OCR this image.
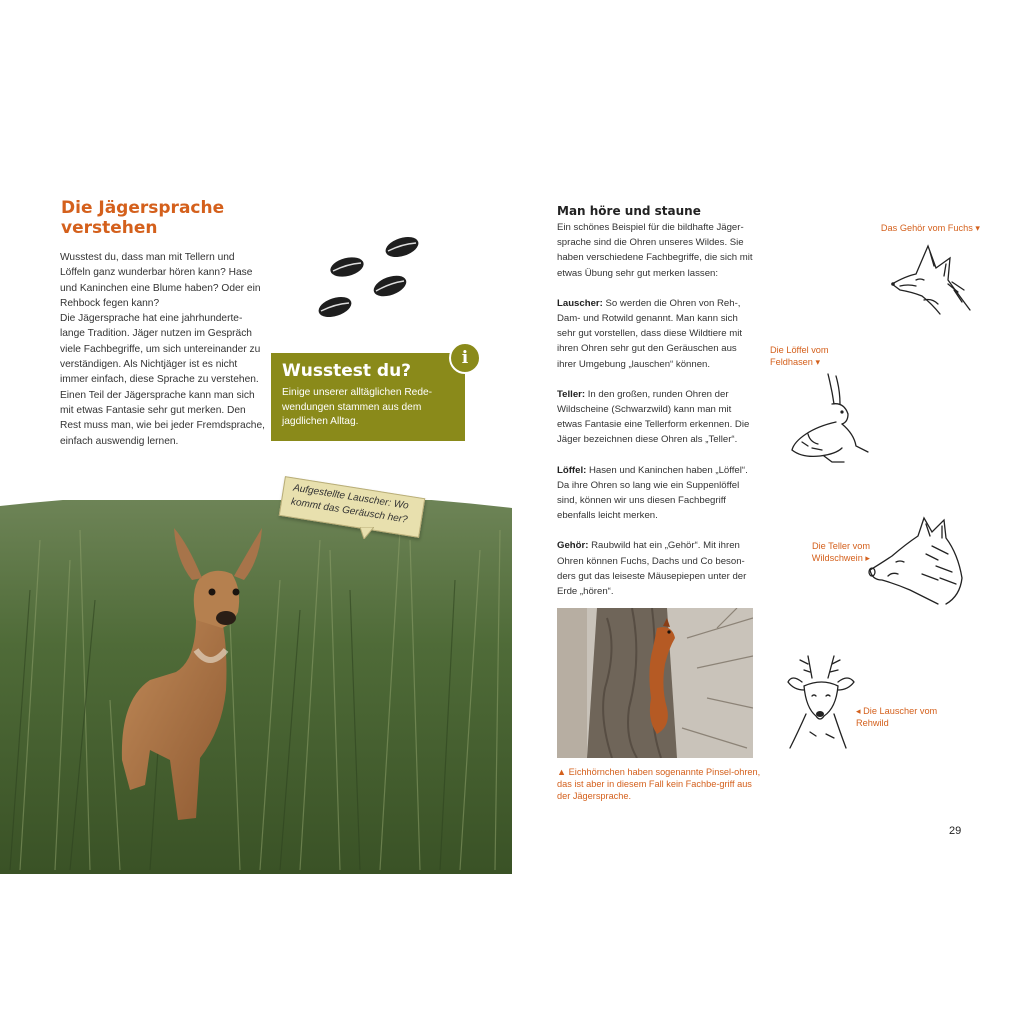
Die Jägersprache verstehen

Wusstest du, dass man mit Tellern und Löffeln ganz wunderbar hören kann? Hase und Kaninchen eine Blume haben? Oder ein Rehbock fegen kann?

Die Jägersprache hat eine jahrhunderte-lange Tradition. Jäger nutzen im Gespräch viele Fachbegriffe, um sich untereinander zu verständigen. Als Nichtjäger ist es nicht immer einfach, diese Sprache zu verstehen. Einen Teil der Jägersprache kann man sich mit etwas Fantasie sehr gut merken. Den Rest muss man, wie bei jeder Fremdsprache, einfach auswendig lernen.

Wusstest du?
Einige unserer alltäglichen Rede-wendungen stammen aus dem jagdlichen Alltag.
i
Aufgestellte Lauscher: Wo kommt das Geräusch her?
Man höre und staune

Ein schönes Beispiel für die bildhafte Jäger-sprache sind die Ohren unseres Wildes. Sie haben verschiedene Fachbegriffe, die sich mit etwas Übung sehr gut merken lassen:

Lauscher: So werden die Ohren von Reh-, Dam- und Rotwild genannt. Man kann sich sehr gut vorstellen, dass diese Wildtiere mit ihren Ohren sehr gut den Geräuschen aus ihrer Umgebung „lauschen“ können.

Teller: In den großen, runden Ohren der Wildscheine (Schwarzwild) kann man mit etwas Fantasie eine Tellerform erkennen. Die Jäger bezeichnen diese Ohren als „Teller“.

Löffel: Hasen und Kaninchen haben „Löffel“. Da ihre Ohren so lang wie ein Suppenlöffel sind, können wir uns diesen Fachbegriff ebenfalls leicht merken.

Gehör: Raubwild hat ein „Gehör“. Mit ihren Ohren können Fuchs, Dachs und Co beson-ders gut das leiseste Mäusepiepen unter der Erde „hören“.

▲ Eichhörnchen haben sogenannte Pinsel-ohren, das ist aber in diesem Fall kein Fachbe-griff aus der Jägersprache.
Das Gehör vom Fuchs ▾
Die Löffel vom Feldhasen ▾
Die Teller vom Wildschwein ▸
◂ Die Lauscher vom Rehwild
29
